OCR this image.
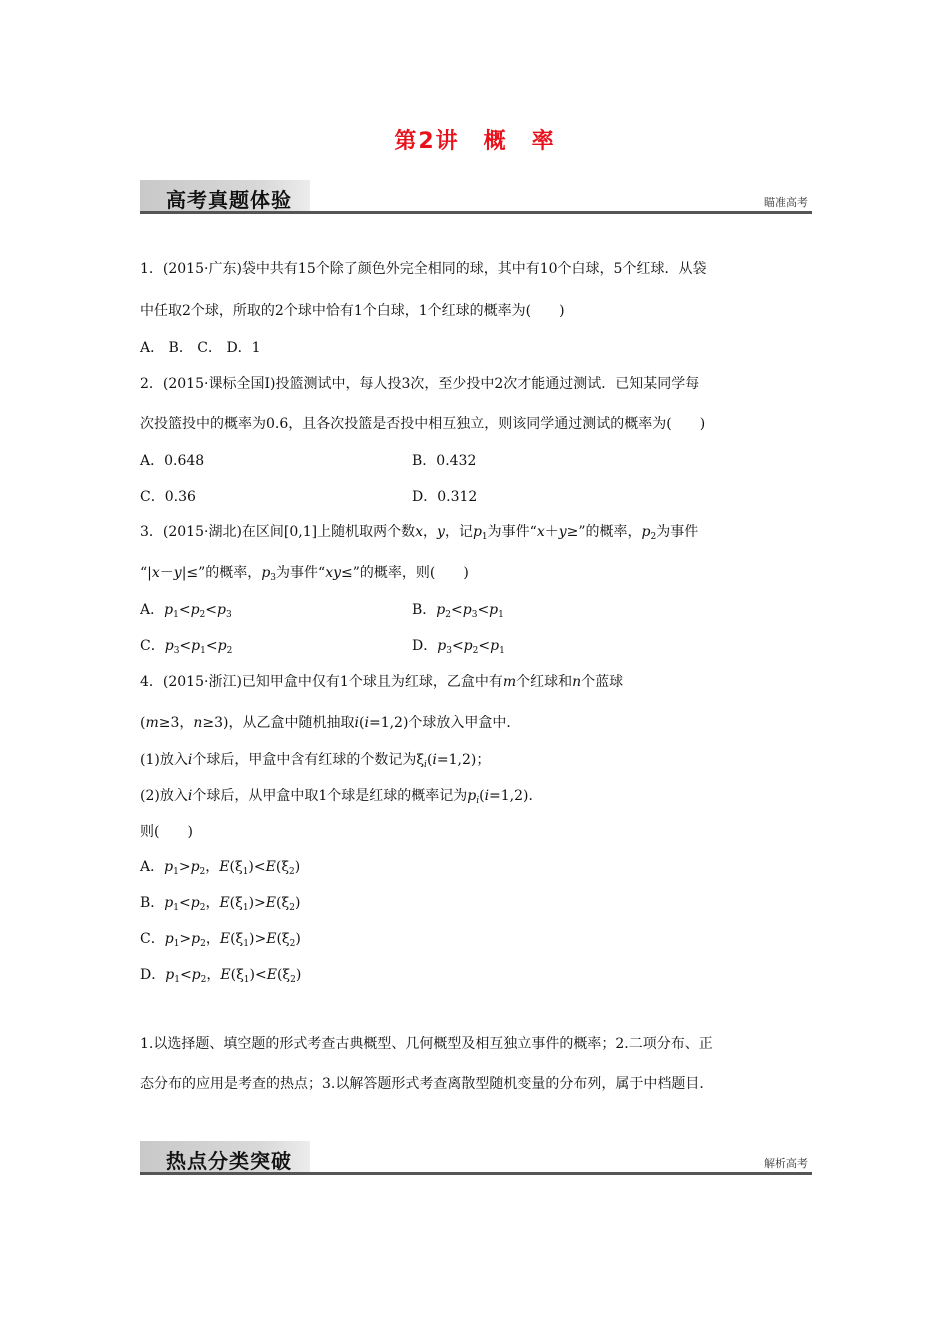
第2讲　概　率
高考真题体验	瞄准高考
1．(2015·广东)袋中共有15个除了颜色外完全相同的球，其中有10个白球，5个红球．从袋
中任取2个球，所取的2个球中恰有1个白球，1个红球的概率为(　　)
A． B． C． D．1
2．(2015·课标全国Ⅰ)投篮测试中，每人投3次，至少投中2次才能通过测试．已知某同学每
次投篮投中的概率为0.6，且各次投篮是否投中相互独立，则该同学通过测试的概率为(　　)
A．0.648	B．0.432
C．0.36	D．0.312
3．(2015·湖北)在区间[0,1]上随机取两个数x，y，记$p_1$为事件“x＋y≥”的概率，$p_2$为事件
“|x－y|≤”的概率，$p_3$为事件“xy≤”的概率，则(　　)
A．$p_1<p_2<p_3$	B．$p_2<p_3<p_1$
C．$p_3<p_1<p_2$	D．$p_3<p_2<p_1$
4．(2015·浙江)已知甲盒中仅有1个球且为红球，乙盒中有m个红球和n个蓝球
(m≥3，n≥3)，从乙盒中随机抽取i(i=1,2)个球放入甲盒中．
(1)放入i个球后，甲盒中含有红球的个数记为$\xi_i(i=1,2)$；
(2)放入i个球后，从甲盒中取1个球是红球的概率记为$p_i(i=1,2)$．
则(　　)
A．$p_1>p_2$，$E(\xi_1)<E(\xi_2)$
B．$p_1<p_2$，$E(\xi_1)>E(\xi_2)$
C．$p_1>p_2$，$E(\xi_1)>E(\xi_2)$
D．$p_1<p_2$，$E(\xi_1)<E(\xi_2)$
1.以选择题、填空题的形式考查古典概型、几何概型及相互独立事件的概率；2.二项分布、正
态分布的应用是考查的热点；3.以解答题形式考查离散型随机变量的分布列，属于中档题目．
热点分类突破	解析高考
